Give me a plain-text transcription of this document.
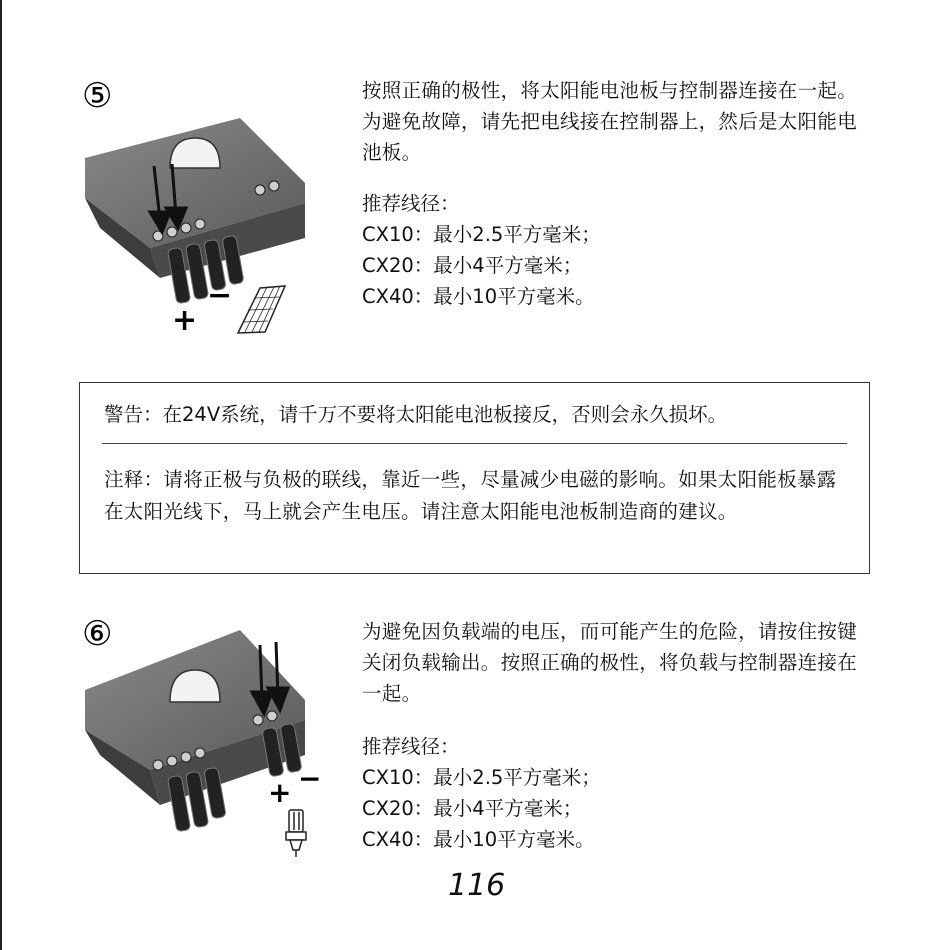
⑤
+
−

按照正确的极性，将太阳能电池板与控制器连接在一起。为避免故障，请先把电线接在控制器上，然后是太阳能电池板。

推荐线径：
CX10：最小2.5平方毫米；
CX20：最小4平方毫米；
CX40：最小10平方毫米。
警告：在24V系统，请千万不要将太阳能电池板接反，否则会永久损坏。

注释：请将正极与负极的联线，靠近一些，尽量减少电磁的影响。如果太阳能板暴露在太阳光线下，马上就会产生电压。请注意太阳能电池板制造商的建议。

⑥
+ −

为避免因负载端的电压，而可能产生的危险，请按住按键关闭负载输出。按照正确的极性，将负载与控制器连接在一起。

推荐线径：
CX10：最小2.5平方毫米；
CX20：最小4平方毫米；
CX40：最小10平方毫米。
116
